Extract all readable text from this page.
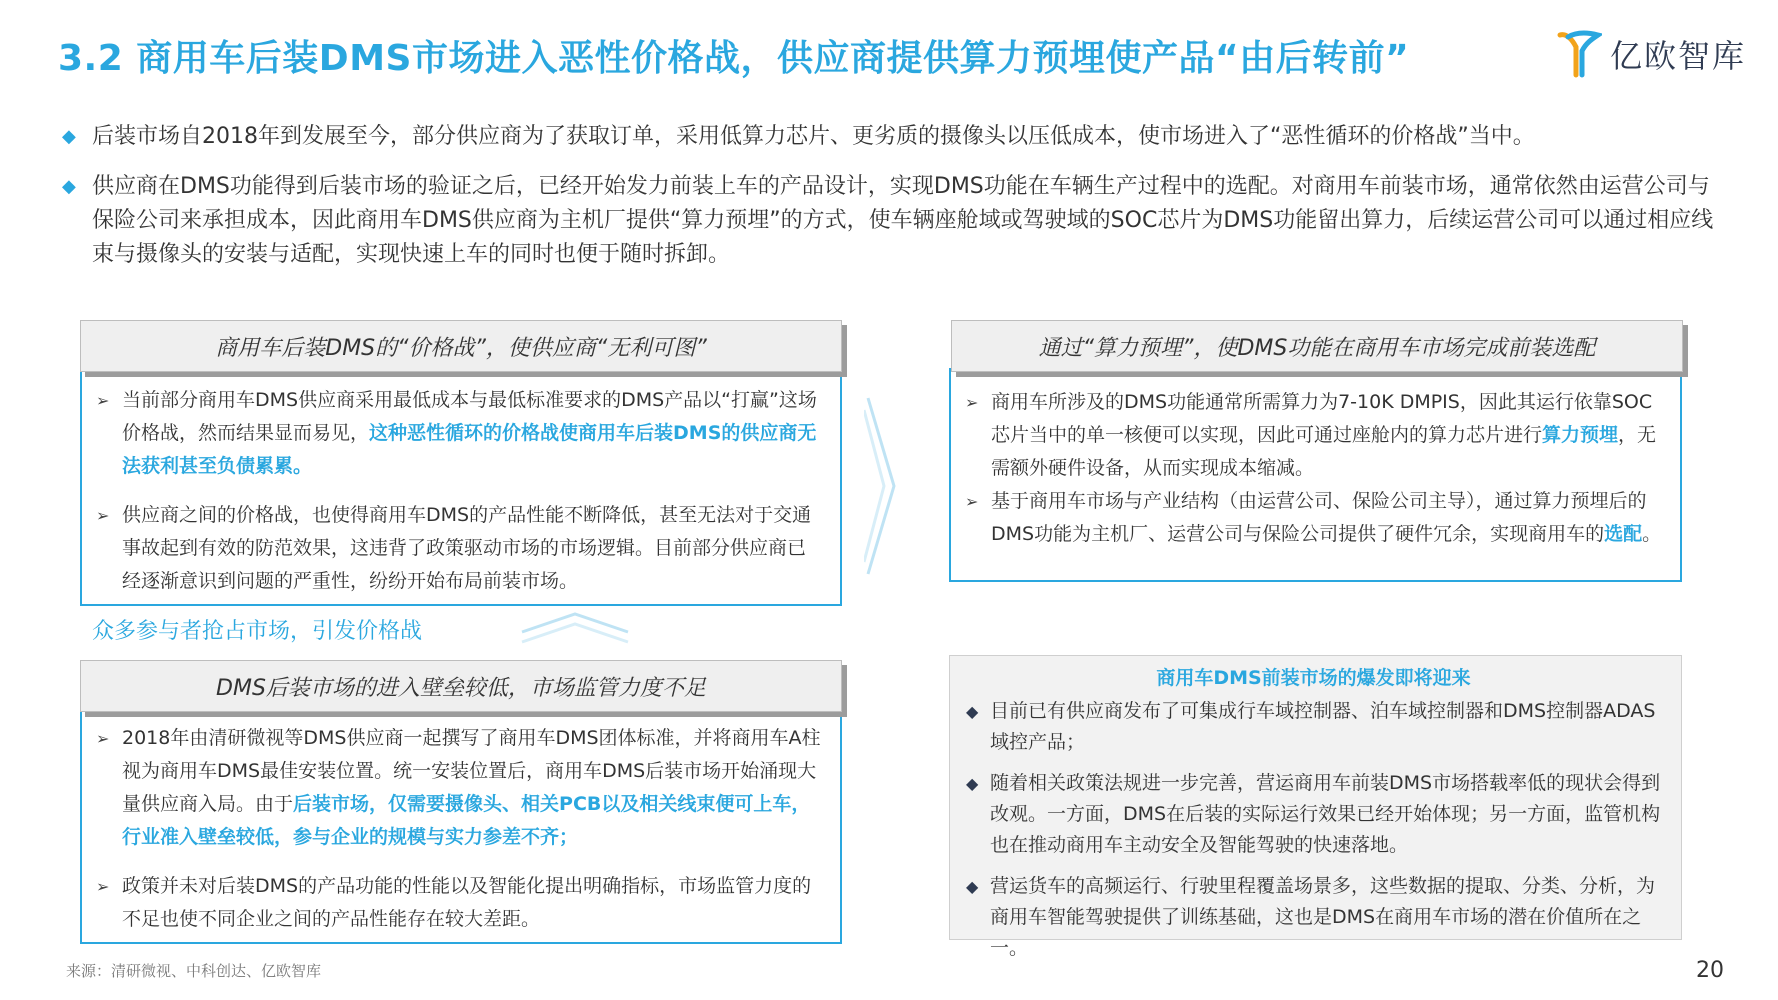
3.2 商用车后装DMS市场进入恶性价格战，供应商提供算力预埋使产品“由后转前”	亿欧智库
◆ 后装市场自2018年到发展至今，部分供应商为了获取订单，采用低算力芯片、更劣质的摄像头以压低成本，使市场进入了“恶性循环的价格战”当中。
◆ 供应商在DMS功能得到后装市场的验证之后，已经开始发力前装上车的产品设计，实现DMS功能在车辆生产过程中的选配。对商用车前装市场，通常依然由运营公司与保险公司来承担成本，因此商用车DMS供应商为主机厂提供“算力预埋”的方式，使车辆座舱域或驾驶域的SOC芯片为DMS功能留出算力，后续运营公司可以通过相应线束与摄像头的安装与适配，实现快速上车的同时也便于随时拆卸。
➢ 当前部分商用车DMS供应商采用最低成本与最低标准要求的DMS产品以“打赢”这场价格战，然而结果显而易见，这种恶性循环的价格战使商用车后装DMS的供应商无法获利甚至负债累累。
➢ 供应商之间的价格战，也使得商用车DMS的产品性能不断降低，甚至无法对于交通事故起到有效的防范效果，这违背了政策驱动市场的市场逻辑。目前部分供应商已经逐渐意识到问题的严重性，纷纷开始布局前装市场。
商用车后装DMS的“价格战”，使供应商“无利可图”
众多参与者抢占市场，引发价格战
➢ 2018年由清研微视等DMS供应商一起撰写了商用车DMS团体标准，并将商用车A柱视为商用车DMS最佳安装位置。统一安装位置后，商用车DMS后装市场开始涌现大量供应商入局。由于后装市场，仅需要摄像头、相关PCB以及相关线束便可上车，行业准入壁垒较低，参与企业的规模与实力参差不齐；
➢ 政策并未对后装DMS的产品功能的性能以及智能化提出明确指标，市场监管力度的不足也使不同企业之间的产品性能存在较大差距。
DMS后装市场的进入壁垒较低，市场监管力度不足
➢ 商用车所涉及的DMS功能通常所需算力为7-10K DMPIS，因此其运行依靠SOC芯片当中的单一核便可以实现，因此可通过座舱内的算力芯片进行算力预埋，无需额外硬件设备，从而实现成本缩减。
➢ 基于商用车市场与产业结构（由运营公司、保险公司主导），通过算力预埋后的DMS功能为主机厂、运营公司与保险公司提供了硬件冗余，实现商用车的选配。
通过“算力预埋”，使DMS功能在商用车市场完成前装选配
商用车DMS前装市场的爆发即将迎来
◆ 目前已有供应商发布了可集成行车域控制器、泊车域控制器和DMS控制器ADAS域控产品；
◆ 随着相关政策法规进一步完善，营运商用车前装DMS市场搭载率低的现状会得到改观。一方面，DMS在后装的实际运行效果已经开始体现；另一方面，监管机构也在推动商用车主动安全及智能驾驶的快速落地。
◆ 营运货车的高频运行、行驶里程覆盖场景多，这些数据的提取、分类、分析，为商用车智能驾驶提供了训练基础，这也是DMS在商用车市场的潜在价值所在之一。
来源：清研微视、中科创达、亿欧智库	20
